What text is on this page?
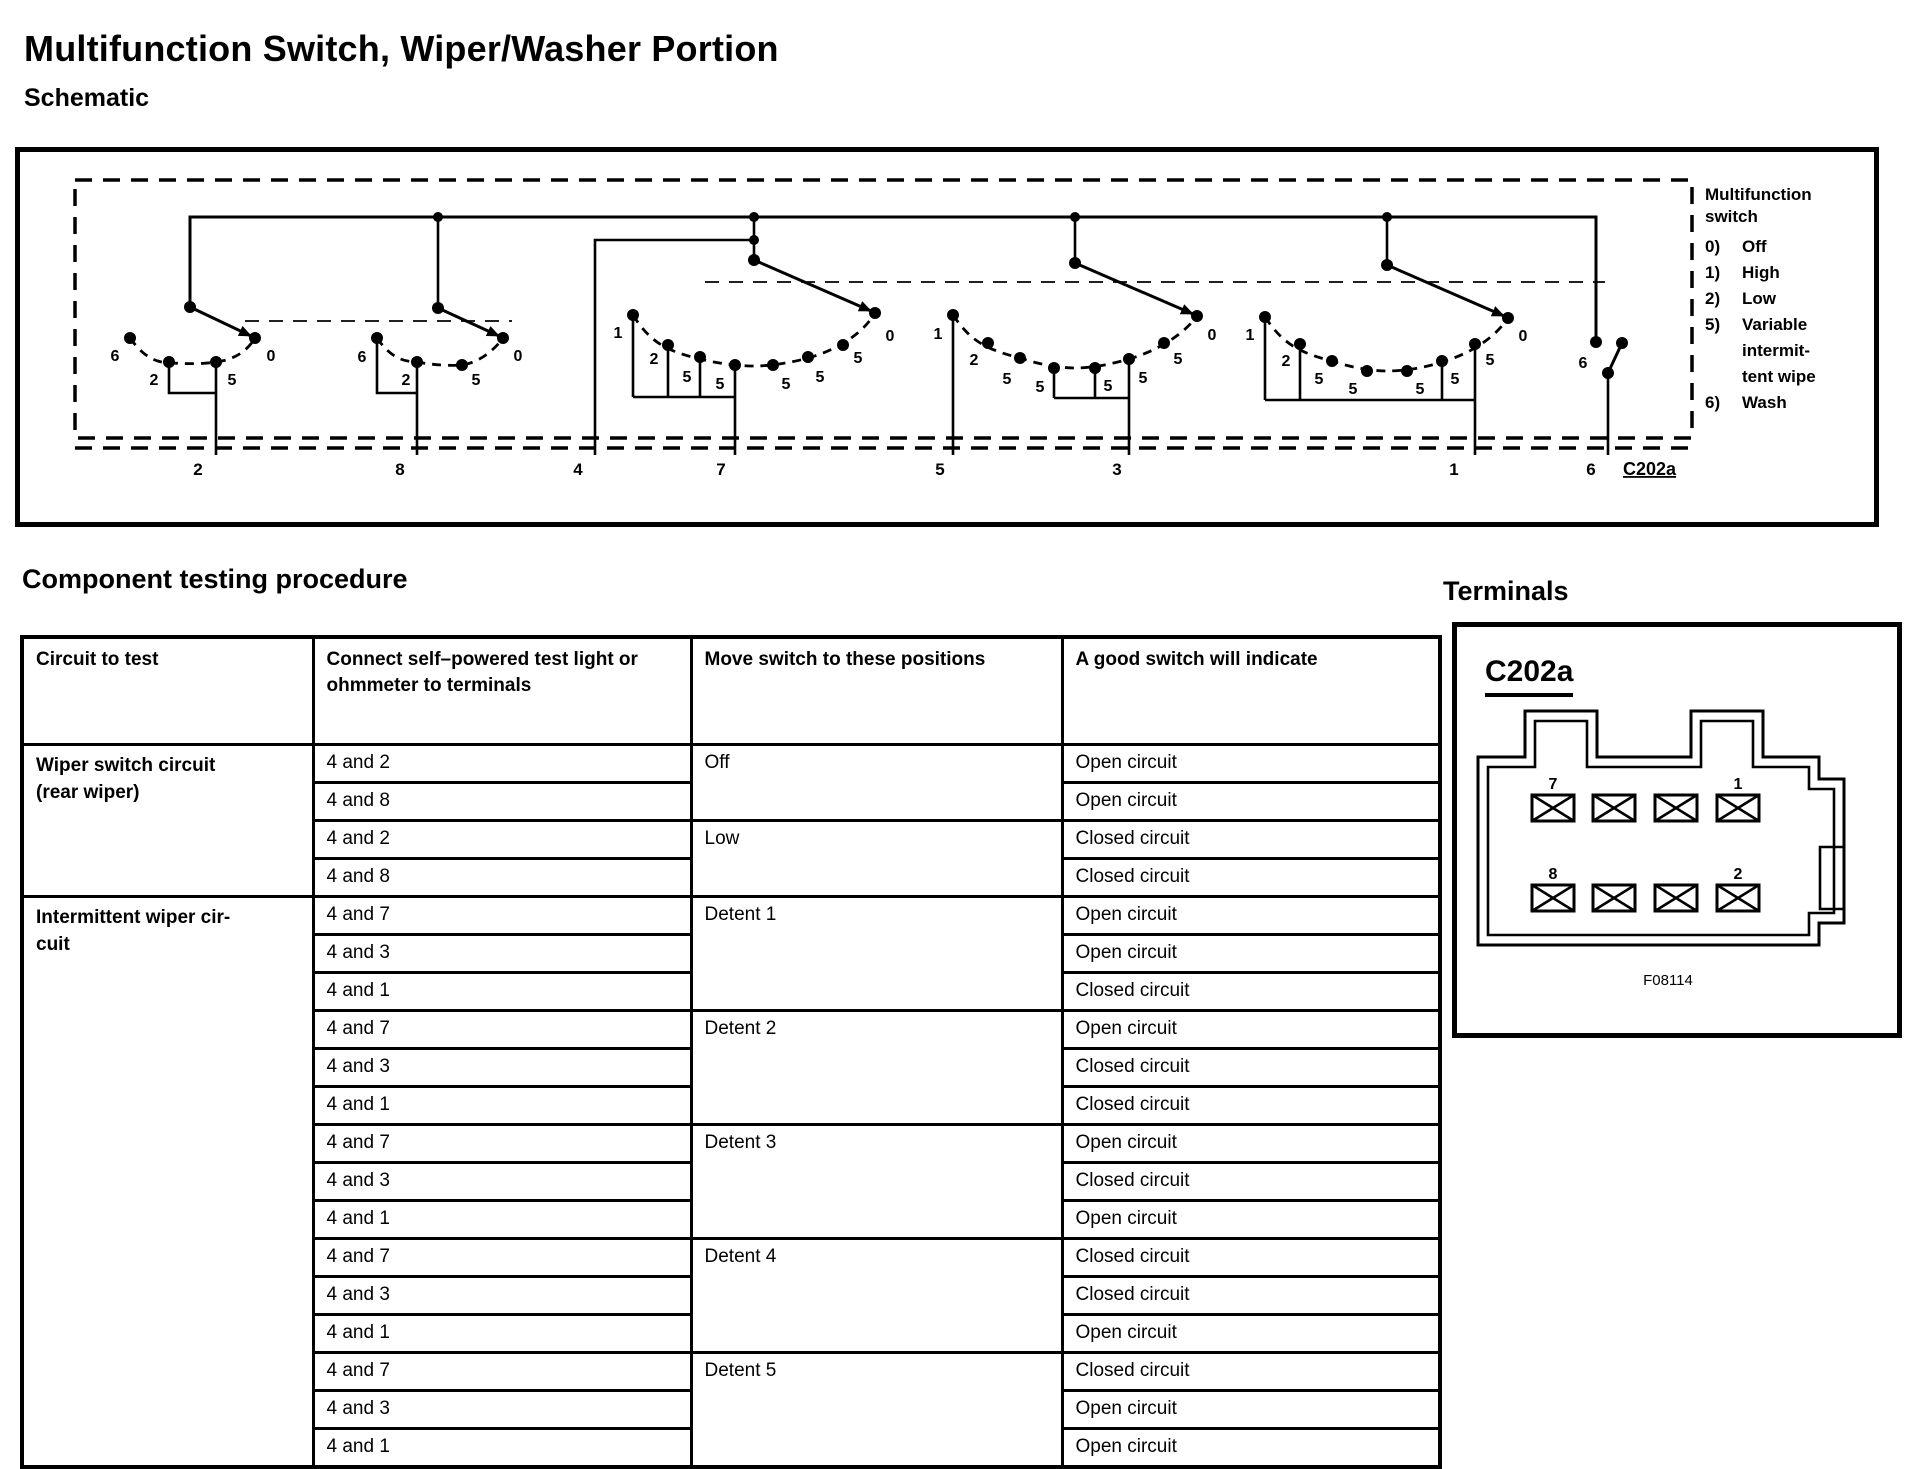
Multifunction Switch, Wiper/Washer Portion
Schematic
6
2	5
0	6
2	5
0
1
2
5 5	5 5
5
0 1
2
5 5	5 5
5
0 1
2
5
5	5
5
5
0
6
2	8	4	7	5	3	1	6 C202a
Multifunction
switch
0) Off
1) High
2) Low
5) Variable
intermit-
tent wipe
6) Wash
Component testing procedure
Circuit to test	Connect self–powered test light or ohmmeter to terminals	Move switch to these positions	A good switch will indicate

Wiper switch circuit
(rear wiper)	4 and 2	Off	Open circuit
	4 and 8		Open circuit
	4 and 2	Low	Closed circuit
	4 and 8		Closed circuit

Intermittent wiper cir-
cuit	4 and 7	Detent 1	Open circuit
	4 and 3		Open circuit
	4 and 1		Closed circuit
	4 and 7	Detent 2	Open circuit
	4 and 3		Closed circuit
	4 and 1		Closed circuit
	4 and 7	Detent 3	Open circuit
	4 and 3		Closed circuit
	4 and 1		Open circuit
	4 and 7	Detent 4	Closed circuit
	4 and 3		Closed circuit
	4 and 1		Open circuit
	4 and 7	Detent 5	Closed circuit
	4 and 3		Open circuit
	4 and 1		Open circuit
Terminals
C202a
7	1
8	2
F08114
